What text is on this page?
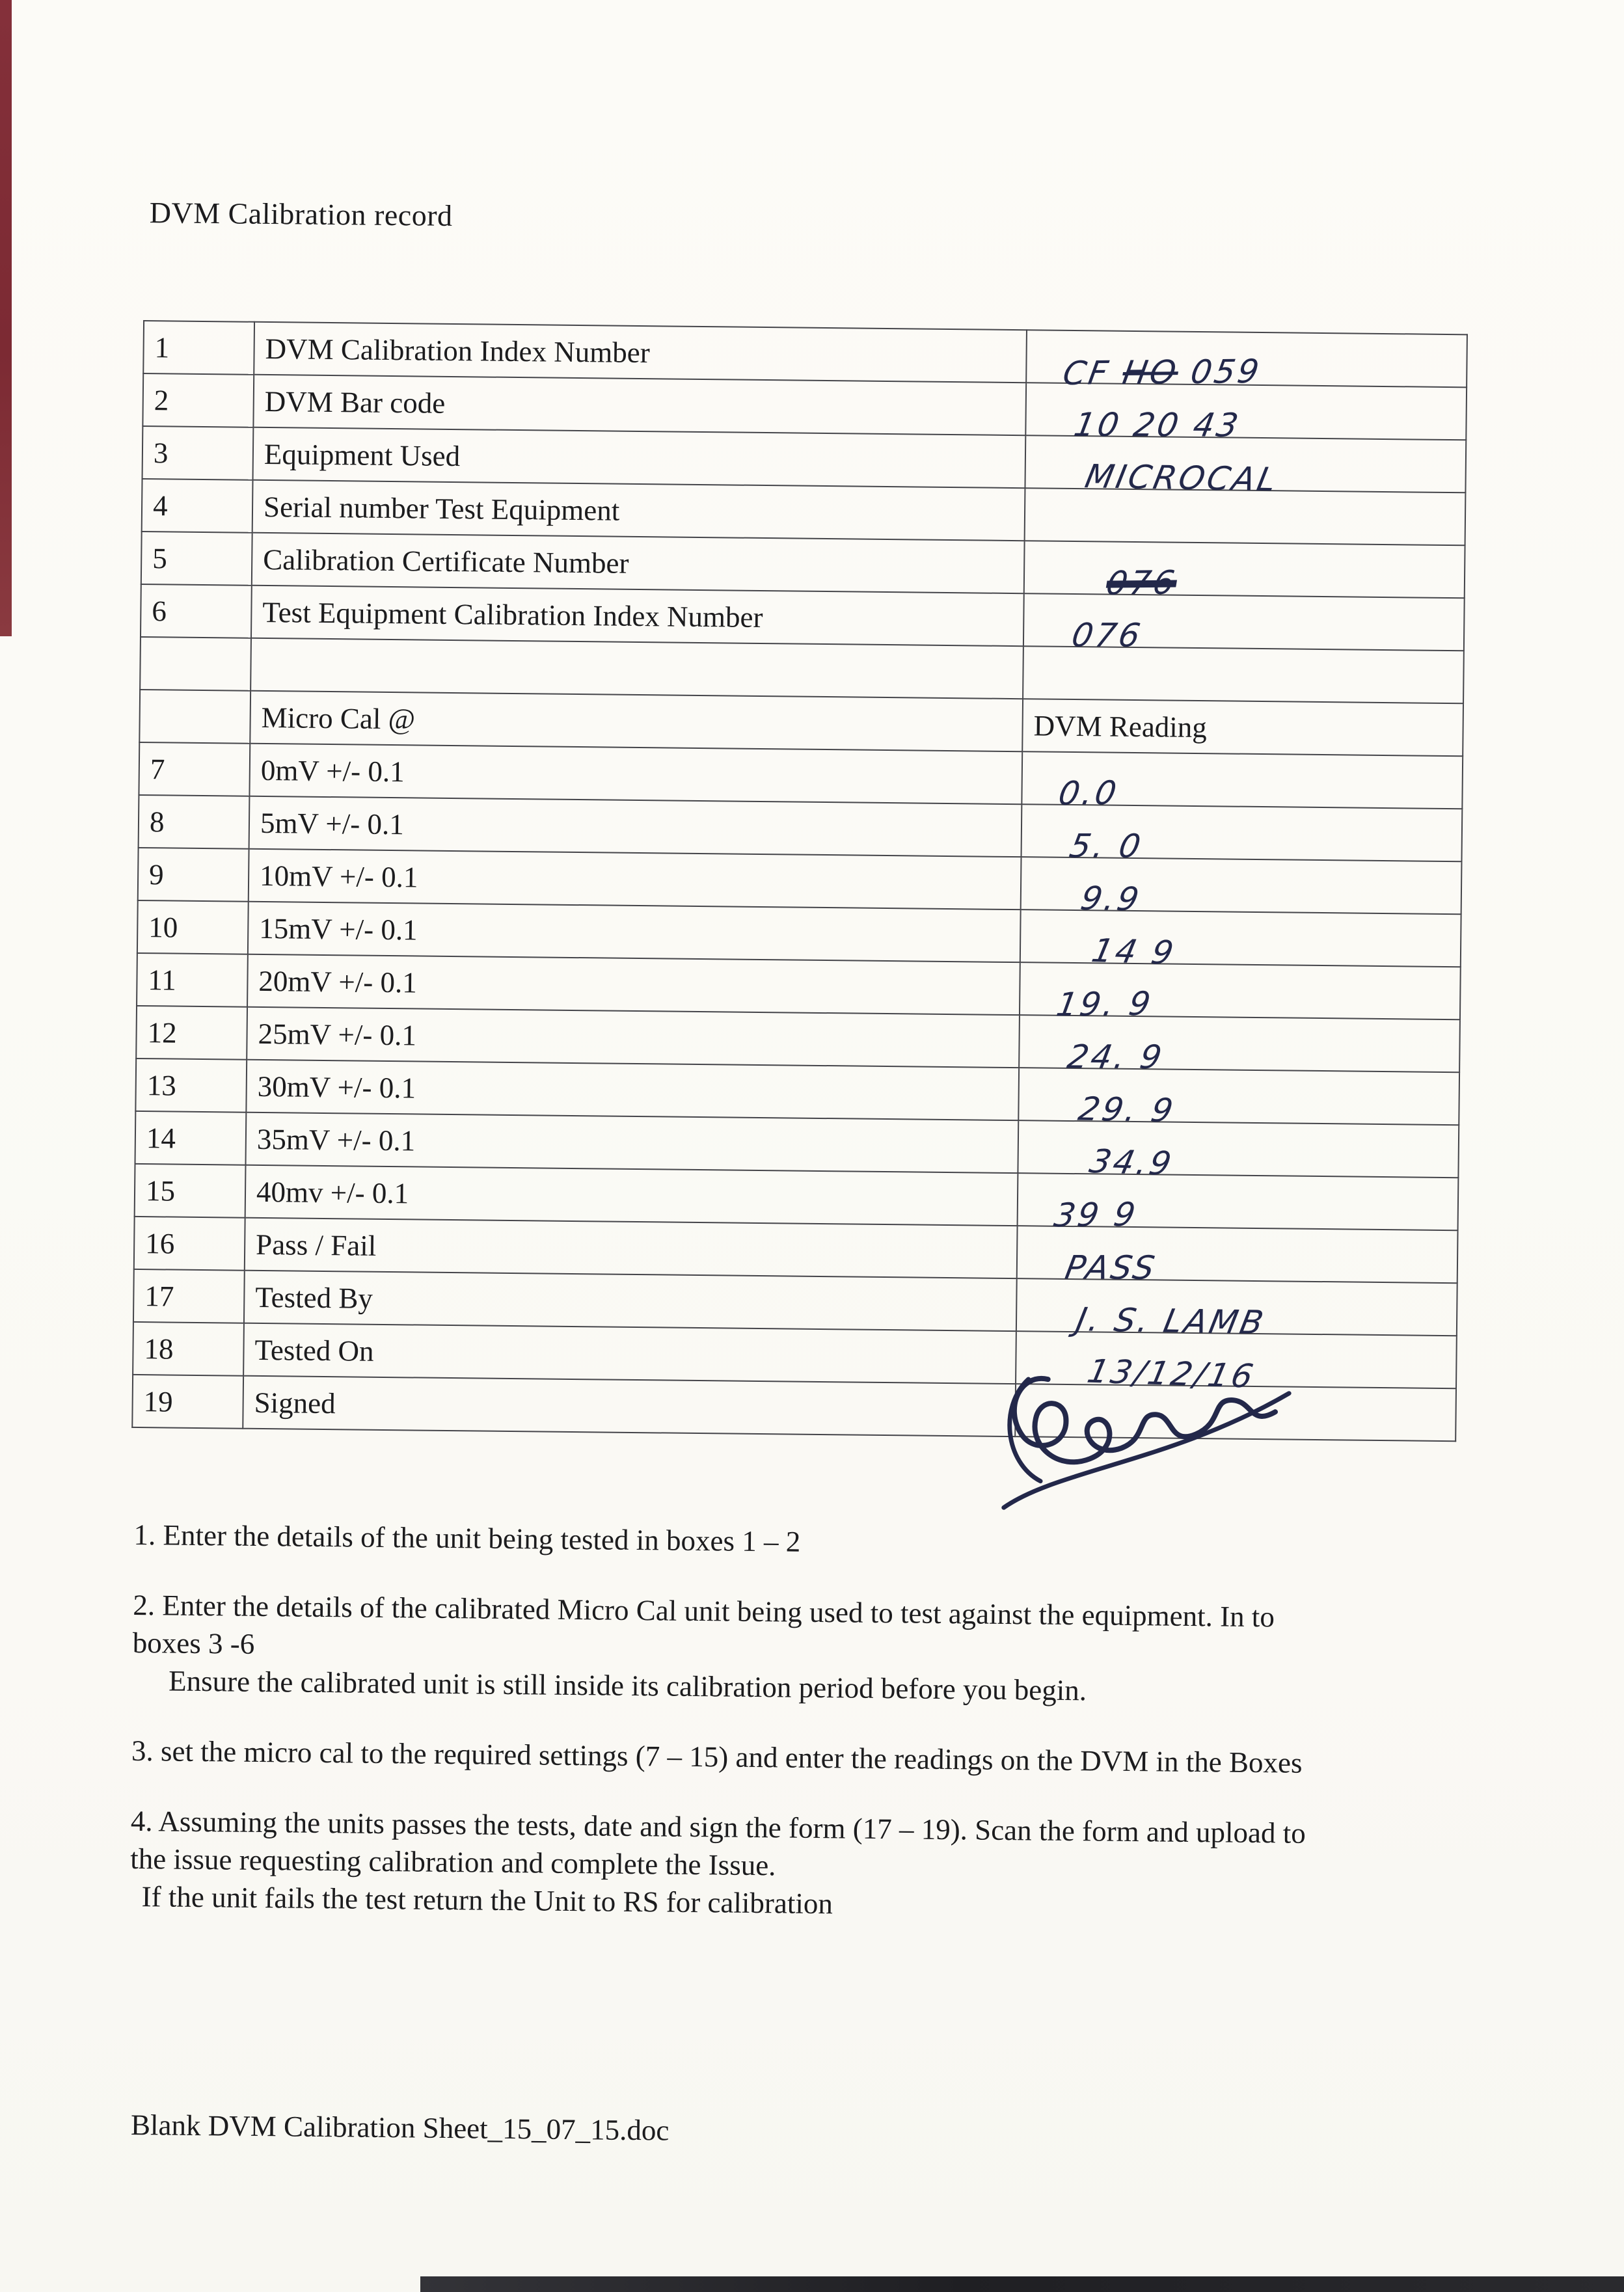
DVM Calibration record
1	DVM Calibration Index Number	CF HO 059
2	DVM Bar code	10 20 43
3	Equipment Used	MICROCAL
4	Serial number Test Equipment	
5	Calibration Certificate Number	076
6	Test Equipment Calibration Index Number	076

	Micro Cal @	DVM Reading
7	0mV +/- 0.1	0.0
8	5mV +/- 0.1	5. 0
9	10mV +/- 0.1	9.9
10	15mV +/- 0.1	14 9
11	20mV +/- 0.1	19. 9
12	25mV +/- 0.1	24. 9
13	30mV +/- 0.1	29. 9
14	35mV +/- 0.1	34.9
15	40mv +/- 0.1	39 9
16	Pass / Fail	PASS
17	Tested By	J. S. LAMB
18	Tested On	13/12/16
19	Signed	
1. Enter the details of the unit being tested in boxes 1 – 2
2. Enter the details of the calibrated Micro Cal unit being used to test against the equipment. In to
boxes 3 -6
Ensure the calibrated unit is still inside its calibration period before you begin.
3. set the micro cal to the required settings (7 – 15) and enter the readings on the DVM in the Boxes
4. Assuming the units passes the tests, date and sign the form (17 – 19). Scan the form and upload to
the issue requesting calibration and complete the Issue.
If the unit fails the test return the Unit to RS for calibration
Blank DVM Calibration Sheet_15_07_15.doc
